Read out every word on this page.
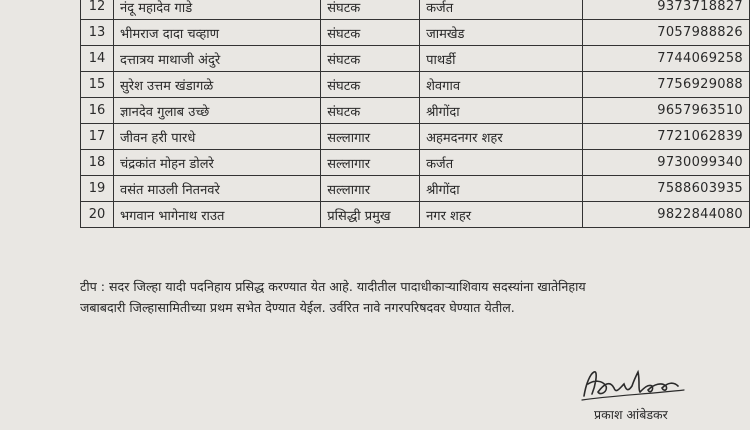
12	नंदू महादेव गाडे	संघटक	कर्जत	9373718827
13	भीमराज दादा चव्हाण	संघटक	जामखेड	7057988826
14	दत्तात्रय माथाजी अंदुरे	संघटक	पाथर्डी	7744069258
15	सुरेश उत्तम खंडागळे	संघटक	शेवगाव	7756929088
16	ज्ञानदेव गुलाब उच्छे	संघटक	श्रीगोंदा	9657963510
17	जीवन हरी पारधे	सल्लागार	अहमदनगर शहर	7721062839
18	चंद्रकांत मोहन डोलरे	सल्लागार	कर्जत	9730099340
19	वसंत माउली नितनवरे	सल्लागार	श्रीगोंदा	7588603935
20	भगवान भागेनाथ राउत	प्रसिद्धी प्रमुख	नगर शहर	9822844080
टीप : सदर जिल्हा यादी पदनिहाय प्रसिद्ध करण्यात येत आहे. यादीतील पादाधीकाऱ्याशिवाय सदस्यांना खातेनिहाय
जबाबदारी जिल्हासामितीच्या प्रथम सभेत देण्यात येईल. उर्वरित नावे नगरपरिषदवर घेण्यात येतील.
प्रकाश आंबेडकर
